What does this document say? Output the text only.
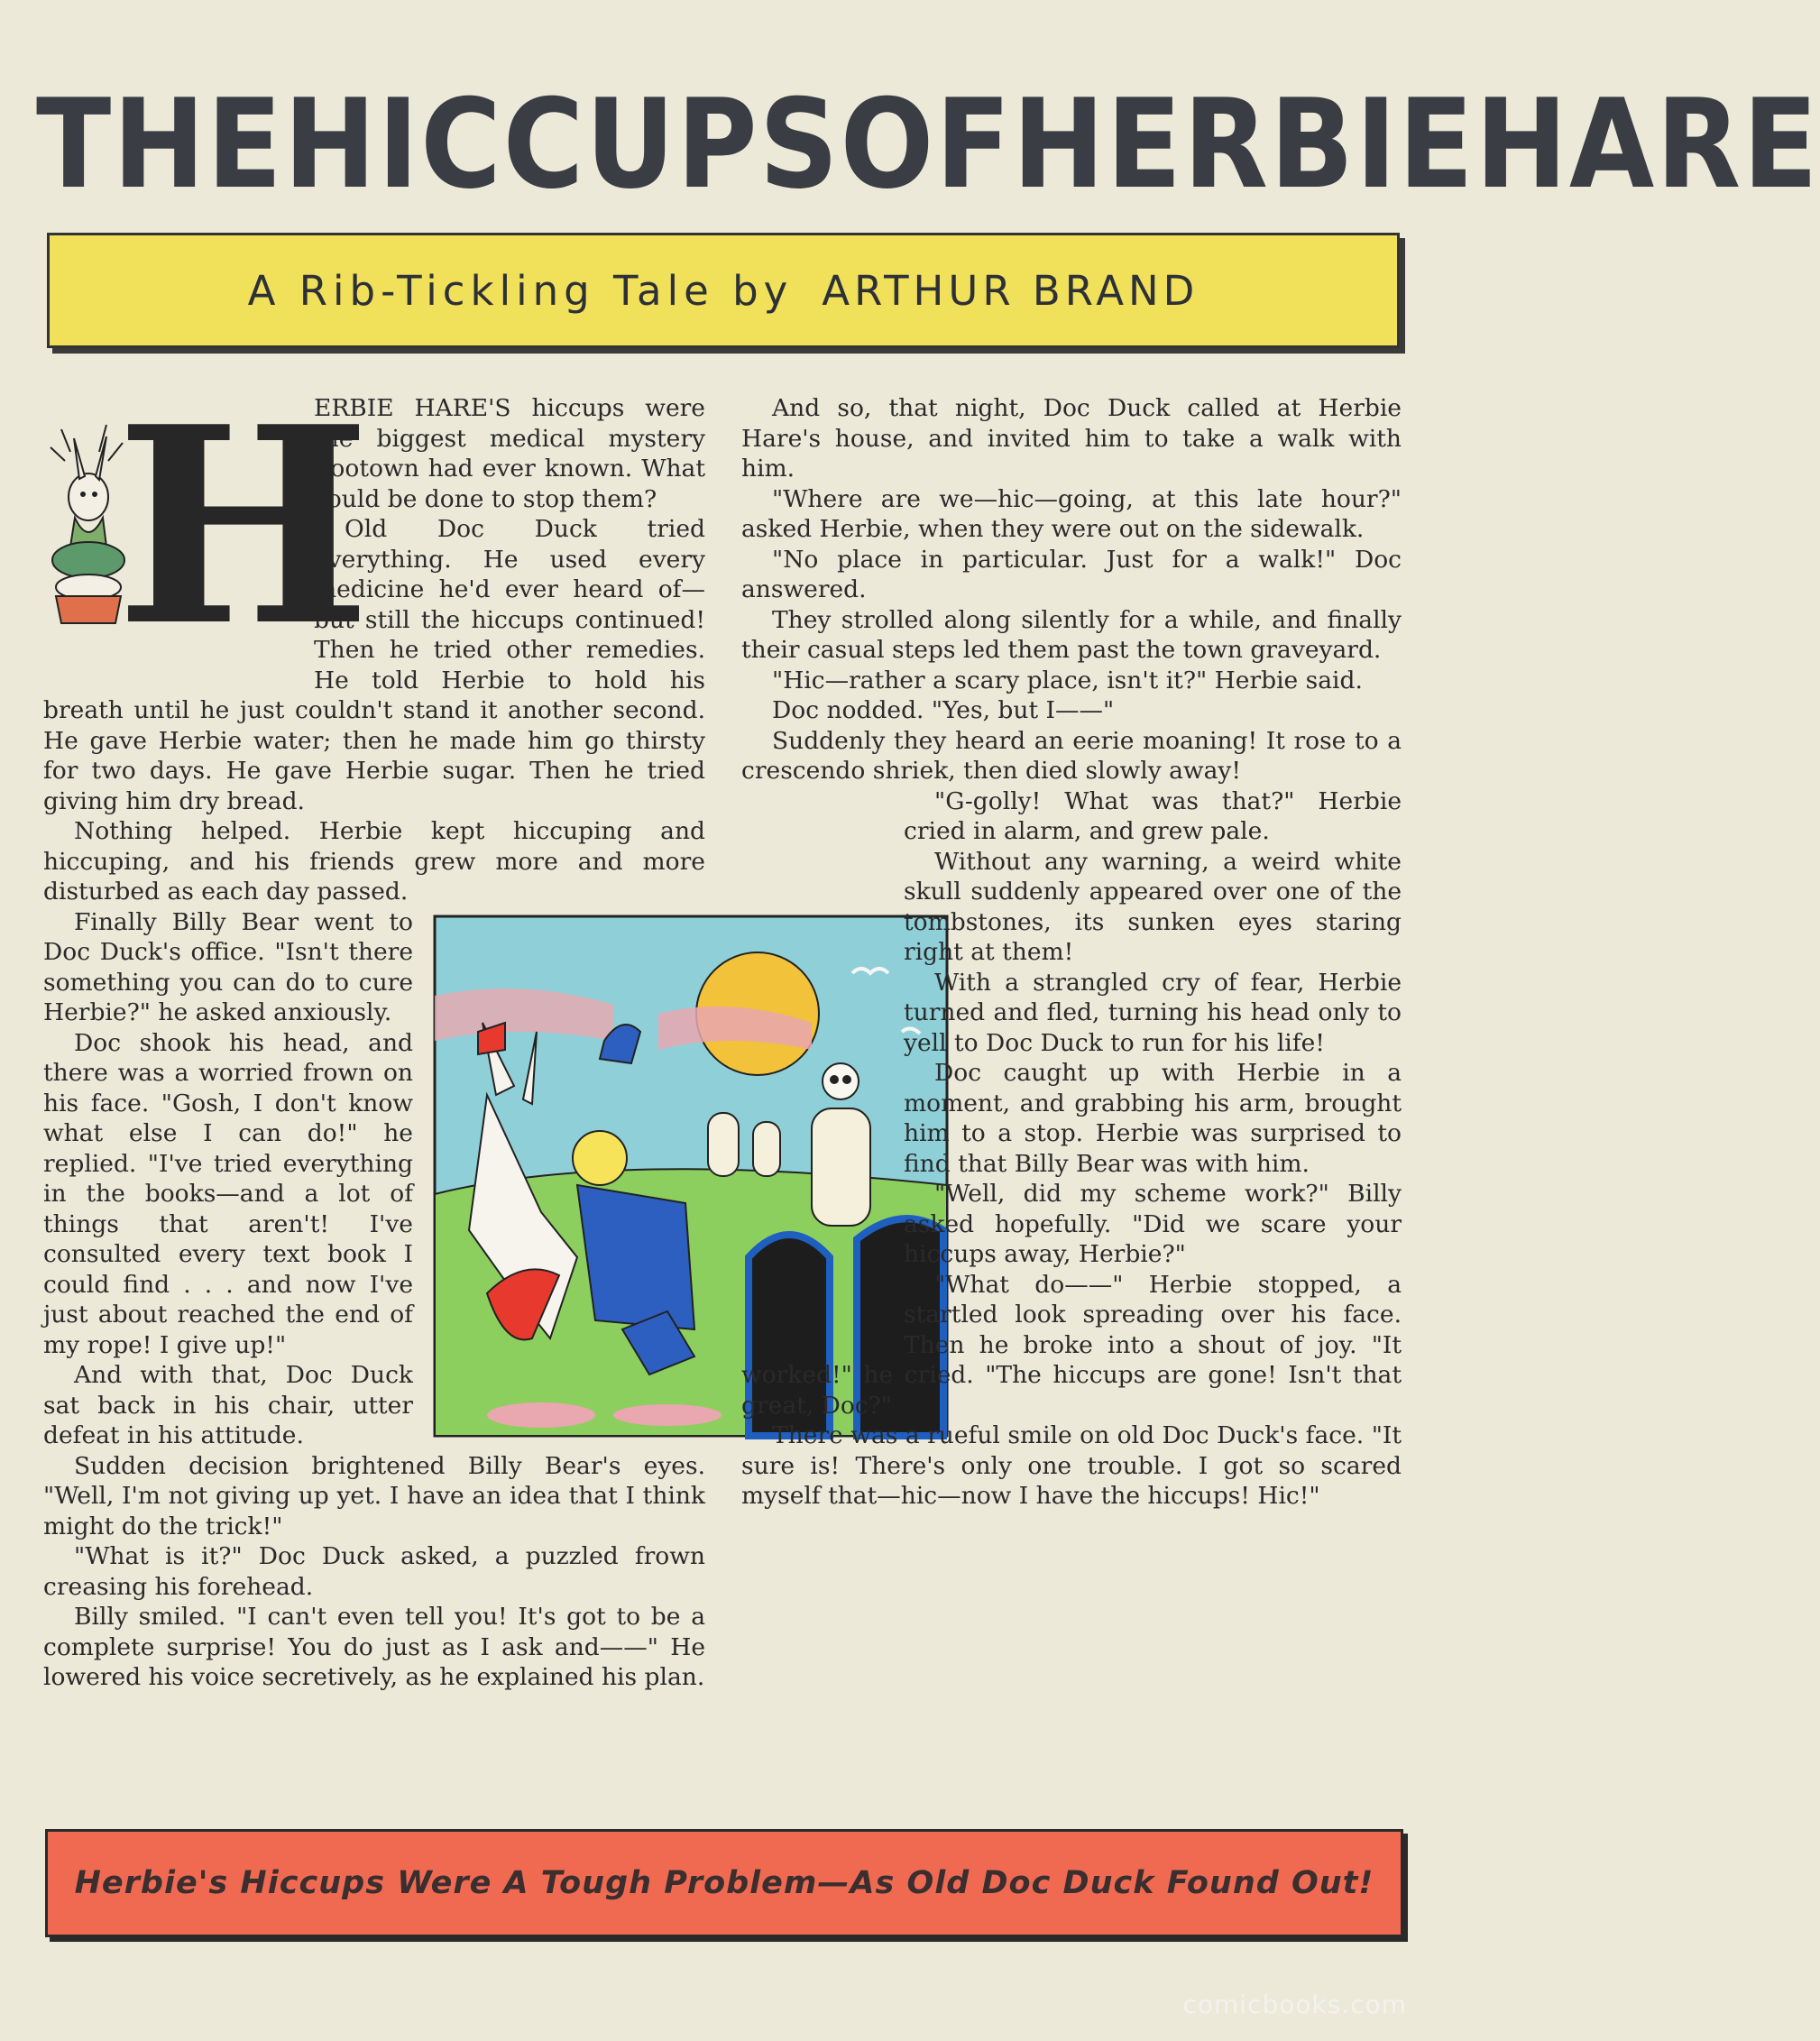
THE HICCUPS OF HERBIE HARE
A Rib-Tickling Tale by ARTHUR BRAND
H

ERBIE HARE'S hiccups were the biggest medical mystery Zootown had ever known. What could be done to stop them?

Old Doc Duck tried everything. He used every medicine he'd ever heard of—but still the hiccups continued! Then he tried other remedies. He told Herbie to hold his breath until he just couldn't stand it another second. He gave Herbie water; then he made him go thirsty for two days. He gave Herbie sugar. Then he tried giving him dry bread.

Nothing helped. Herbie kept hiccuping and hiccuping, and his friends grew more and more disturbed as each day passed.

Finally Billy Bear went to Doc Duck's office. "Isn't there something you can do to cure Herbie?" he asked anxiously.

Doc shook his head, and there was a worried frown on his face. "Gosh, I don't know what else I can do!" he replied. "I've tried everything in the books—and a lot of things that aren't! I've consulted every text book I could find . . . and now I've just about reached the end of my rope! I give up!"

And with that, Doc Duck sat back in his chair, utter defeat in his attitude.

Sudden decision brightened Billy Bear's eyes. "Well, I'm not giving up yet. I have an idea that I think might do the trick!"

"What is it?" Doc Duck asked, a puzzled frown creasing his forehead.

Billy smiled. "I can't even tell you! It's got to be a complete surprise! You do just as I ask and——" He lowered his voice secretively, as he explained his plan.

And so, that night, Doc Duck called at Herbie Hare's house, and invited him to take a walk with him.

"Where are we—hic—going, at this late hour?" asked Herbie, when they were out on the sidewalk.

"No place in particular. Just for a walk!" Doc answered.

They strolled along silently for a while, and finally their casual steps led them past the town graveyard.

"Hic—rather a scary place, isn't it?" Herbie said.

Doc nodded. "Yes, but I——"

Suddenly they heard an eerie moaning! It rose to a crescendo shriek, then died slowly away!

"G-golly! What was that?" Herbie cried in alarm, and grew pale.

Without any warning, a weird white skull suddenly appeared over one of the tombstones, its sunken eyes staring right at them!

With a strangled cry of fear, Herbie turned and fled, turning his head only to yell to Doc Duck to run for his life!

Doc caught up with Herbie in a moment, and grabbing his arm, brought him to a stop. Herbie was surprised to find that Billy Bear was with him.

"Well, did my scheme work?" Billy asked hopefully. "Did we scare your hiccups away, Herbie?"

"What do——" Herbie stopped, a startled look spreading over his face. Then he broke into a shout of joy. "It worked!" he cried. "The hiccups are gone! Isn't that great, Doc?"

There was a rueful smile on old Doc Duck's face. "It sure is! There's only one trouble. I got so scared myself that—hic—now I have the hiccups! Hic!"

Herbie's Hiccups Were A Tough Problem—As Old Doc Duck Found Out!
comicbooks.com
